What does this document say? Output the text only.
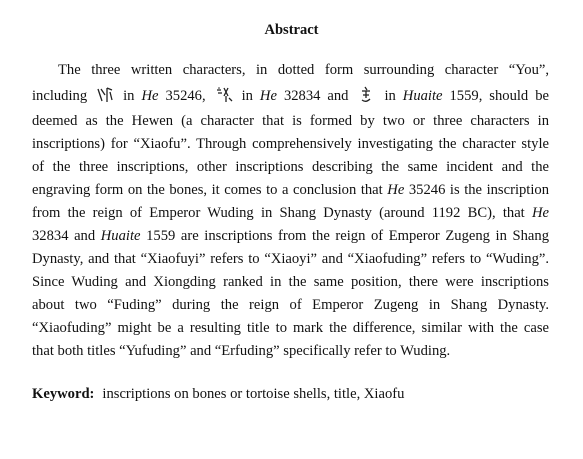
Abstract
The three written characters, in dotted form surrounding character “You”,
including in He 35246, in He 32834 and in Huaite 1559, should be
deemed as the Hewen (a character that is formed by two or three characters in
inscriptions) for “Xiaofu”. Through comprehensively investigating the character style
of the three inscriptions, other inscriptions describing the same incident and the
engraving form on the bones, it comes to a conclusion that He 35246 is the inscription
from the reign of Emperor Wuding in Shang Dynasty (around 1192 BC), that He
32834 and Huaite 1559 are inscriptions from the reign of Emperor Zugeng in Shang
Dynasty, and that “Xiaofuyi” refers to “Xiaoyi” and “Xiaofuding” refers to “Wuding”.
Since Wuding and Xiongding ranked in the same position, there were inscriptions
about two “Fuding” during the reign of Emperor Zugeng in Shang Dynasty.
“Xiaofuding” might be a resulting title to mark the difference, similar with the case
that both titles “Yufuding” and “Erfuding” specifically refer to Wuding.
Keyword: inscriptions on bones or tortoise shells, title, Xiaofu
